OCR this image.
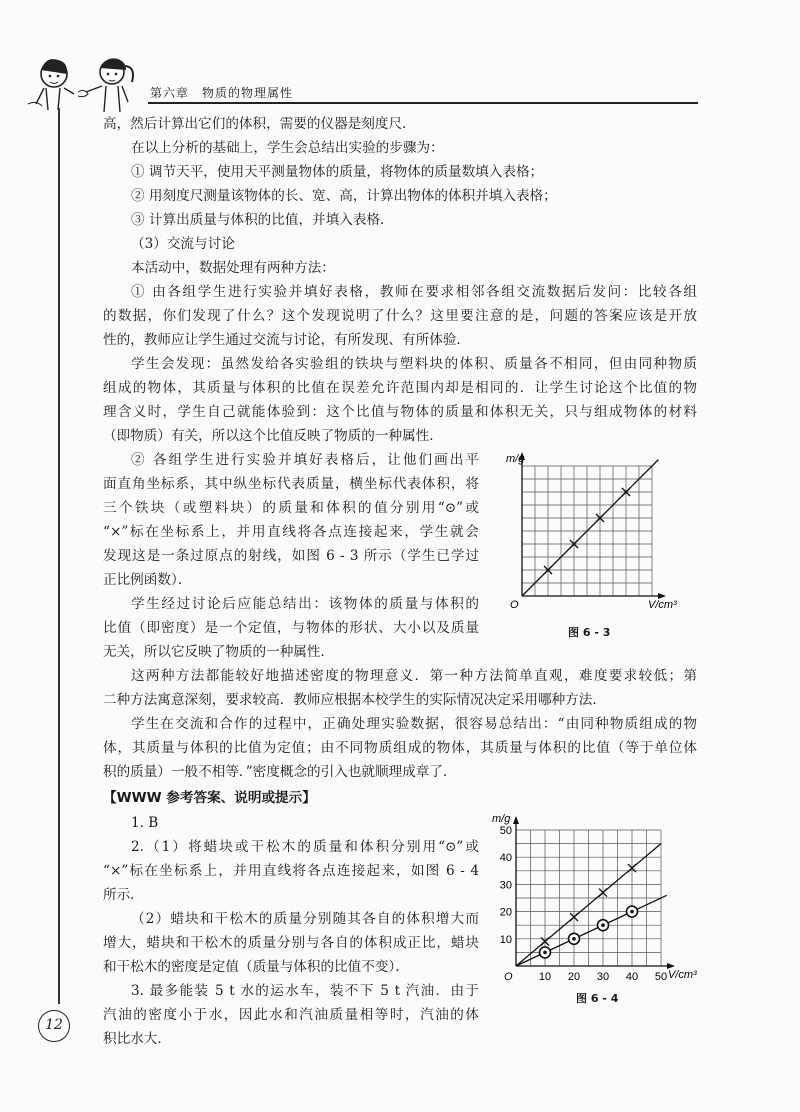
第六章　物质的物理属性
12
高，然后计算出它们的体积，需要的仪器是刻度尺．
在以上分析的基础上，学生会总结出实验的步骤为：
① 调节天平，使用天平测量物体的质量，将物体的质量数填入表格；
② 用刻度尺测量该物体的长、宽、高，计算出物体的体积并填入表格；
③ 计算出质量与体积的比值，并填入表格．
（3）交流与讨论
本活动中，数据处理有两种方法：
① 由各组学生进行实验并填好表格，教师在要求相邻各组交流数据后发问：比较各组
的数据，你们发现了什么？这个发现说明了什么？这里要注意的是，问题的答案应该是开放
性的，教师应让学生通过交流与讨论，有所发现、有所体验．
学生会发现：虽然发给各实验组的铁块与塑料块的体积、质量各不相同，但由同种物质
组成的物体，其质量与体积的比值在误差允许范围内却是相同的．让学生讨论这个比值的物
理含义时，学生自己就能体验到：这个比值与物体的质量和体积无关，只与组成物体的材料
（即物质）有关，所以这个比值反映了物质的一种属性．
② 各组学生进行实验并填好表格后，让他们画出平
面直角坐标系，其中纵坐标代表质量，横坐标代表体积，将
三个铁块（或塑料块）的质量和体积的值分别用“⊙”或
“×”标在坐标系上，并用直线将各点连接起来，学生就会
发现这是一条过原点的射线，如图 6 - 3 所示（学生已学过
正比例函数）．
学生经过讨论后应能总结出：该物体的质量与体积的
比值（即密度）是一个定值，与物体的形状、大小以及质量
无关，所以它反映了物质的一种属性．
这两种方法都能较好地描述密度的物理意义．第一种方法简单直观，难度要求较低；第
二种方法寓意深刻，要求较高．教师应根据本校学生的实际情况决定采用哪种方法．
学生在交流和合作的过程中，正确处理实验数据，很容易总结出：“由同种物质组成的物
体，其质量与体积的比值为定值；由不同物质组成的物体，其质量与体积的比值（等于单位体
积的质量）一般不相等．”密度概念的引入也就顺理成章了．
【WWW 参考答案、说明或提示】
1. B
2.（1）将蜡块或干松木的质量和体积分别用“⊙”或
“×”标在坐标系上，并用直线将各点连接起来，如图 6 - 4
所示．
（2）蜡块和干松木的质量分别随其各自的体积增大而
增大，蜡块和干松木的质量分别与各自的体积成正比，蜡块
和干松木的密度是定值（质量与体积的比值不变）．
3. 最多能装 5 t 水的运水车，装不下 5 t 汽油．由于
汽油的密度小于水，因此水和汽油质量相等时，汽油的体
积比水大．
m/g
V/cm³
O
图 6 - 3
10 20 30 40 50
10
20
30
40
50
m/g
V/cm³
O
图 6 - 4
